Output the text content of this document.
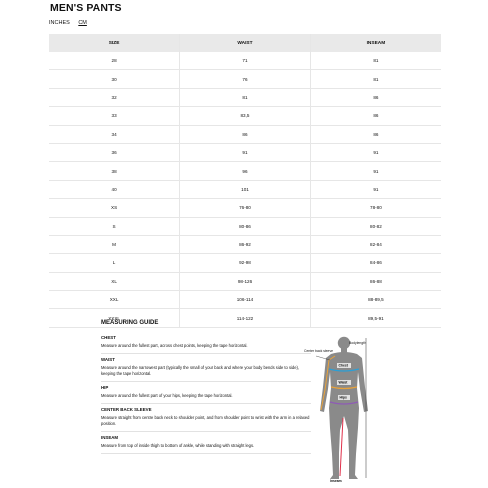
MEN'S PANTS
INCHES CM
SIZE	WAIST	INSEAM
28	71	81
30	76	81
32	81	86
33	83,5	86
34	86	86
36	91	91
38	96	91
40	101	91
XS	76-80	78-80
S	80-86	80-82
M	86-92	82-84
L	92-98	84-86
XL	98-126	86-88
XXL	106-114	88-89,5
XXXL	114-122	89,5-91
MEASURING GUIDE
CHEST
Measure around the fullest part, across chest points, keeping the tape horizontal.
WAIST
Measure around the narrowest part (typically the small of your back and where your body bends side to side), keeping the tape horizontal.
HIP
Measure around the fullest part of your hips, keeping the tape horizontal.
CENTER BACK SLEEVE
Measure straight from centre back neck to shoulder point, and from shoulder point to wrist with the arm in a relaxed position.
INSEAM
Measure from top of inside thigh to bottom of ankle, while standing with straight legs.
Center back sleeve
Bodylength
Chest
Waist
Hips
Inseam
